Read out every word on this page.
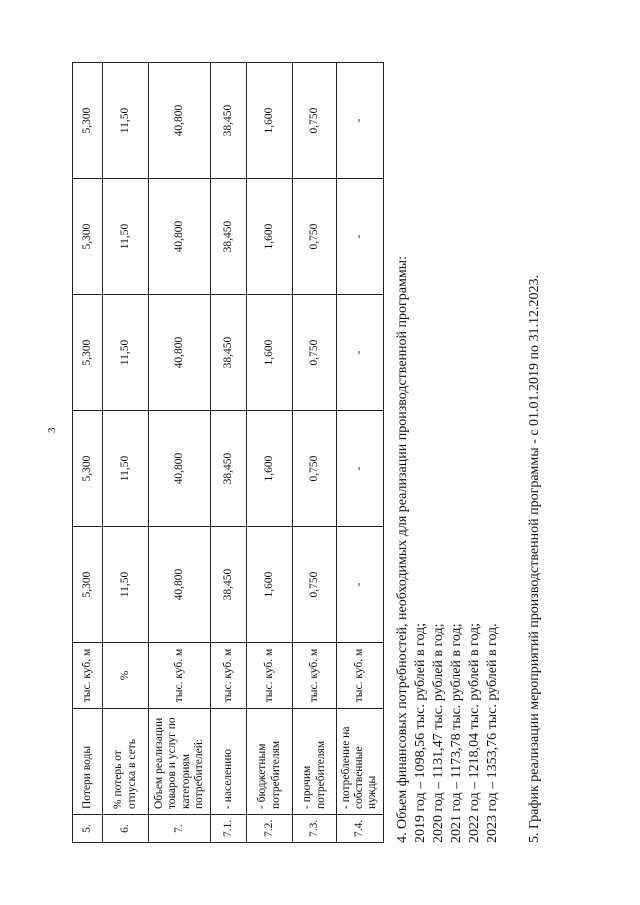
3
5.	Потери воды	тыс. куб. м	5,300	5,300	5,300	5,300	5,300
6.	% потерь от отпуска в сеть	%	11,50	11,50	11,50	11,50	11,50
7.	Объем реализации товаров и услуг по категориям потребителей:	тыс. куб. м	40,800	40,800	40,800	40,800	40,800
7.1.	- населению	тыс. куб. м	38,450	38,450	38,450	38,450	38,450
7.2.	- бюджетным потребителям	тыс. куб. м	1,600	1,600	1,600	1,600	1,600
7.3.	- прочим потребителям	тыс. куб. м	0,750	0,750	0,750	0,750	0,750
7.4.	- потребление на собственные нужды	тыс. куб. м	-	-	-	-	-
4. Объем финансовых потребностей, необходимых для реализации производственной программы: 2019 год – 1098,56 тыс. рублей в год; 2020 год – 1131,47 тыс. рублей в год; 2021 год – 1173,78 тыс. рублей в год; 2022 год – 1218,04 тыс. рублей в год; 2023 год – 1353,76 тыс. рублей в год. 5. График реализации мероприятий производственной программы - с 01.01.2019 по 31.12.2023.
